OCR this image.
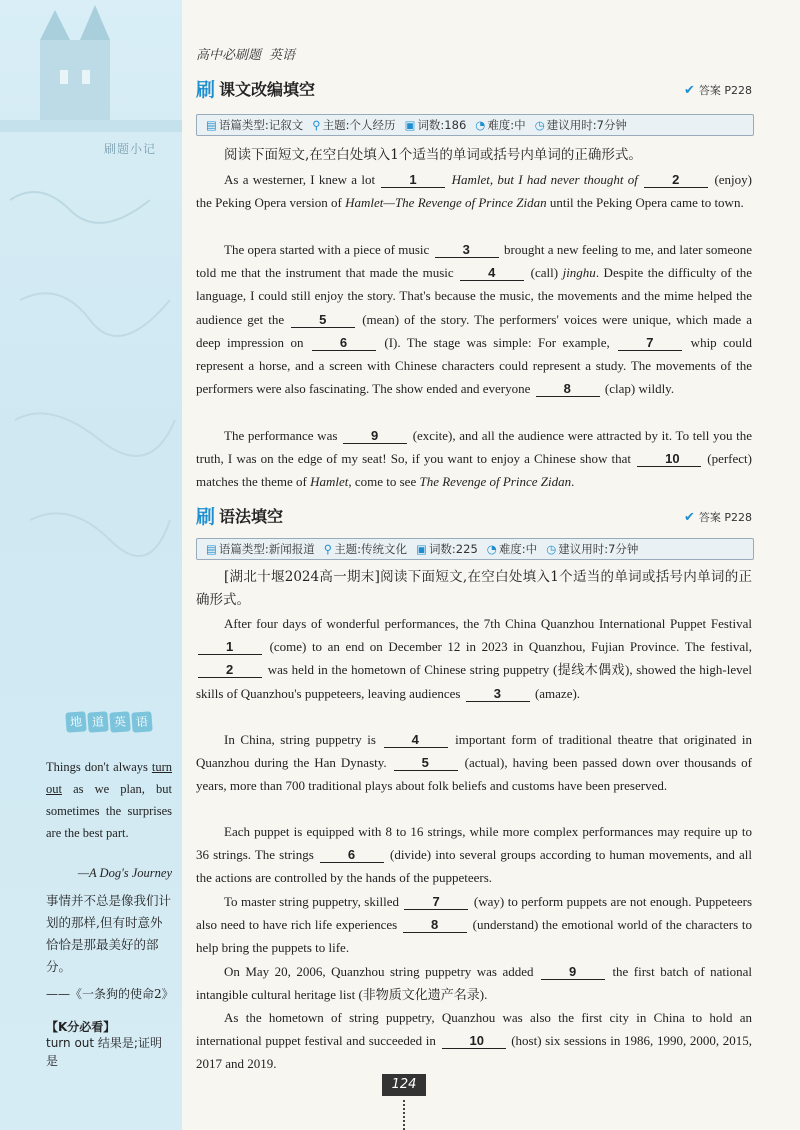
刷题小记
地 道 英 语
Things don't always turn out as we plan, but sometimes the surprises are the best part.
—A Dog's Journey
事情并不总是像我们计划的那样,但有时意外恰恰是那最美好的部分。
——《一条狗的使命2》
【K分必看】
turn out 结果是;证明是
高中必刷题 英语
刷 课文改编填空	✔ 答案 P228
▤ 语篇类型:记叙文 ⚲ 主题:个人经历 ▣ 词数:186 ◔ 难度:中 ◷ 建议用时:7分钟
阅读下面短文,在空白处填入1个适当的单词或括号内单词的正确形式。
As a westerner, I knew a lot 1 Hamlet, but I had never thought of 2 (enjoy) the Peking Opera version of Hamlet—The Revenge of Prince Zidan until the Peking Opera came to town.
The opera started with a piece of music 3 brought a new feeling to me, and later someone told me that the instrument that made the music 4 (call) jinghu. Despite the difficulty of the language, I could still enjoy the story. That's because the music, the movements and the mime helped the audience get the 5 (mean) of the story. The performers' voices were unique, which made a deep impression on 6 (I). The stage was simple: For example, 7 whip could represent a horse, and a screen with Chinese characters could represent a study. The movements of the performers were also fascinating. The show ended and everyone 8 (clap) wildly.
The performance was 9 (excite), and all the audience were attracted by it. To tell you the truth, I was on the edge of my seat! So, if you want to enjoy a Chinese show that 10 (perfect) matches the theme of Hamlet, come to see The Revenge of Prince Zidan.
刷 语法填空	✔ 答案 P228
▤ 语篇类型:新闻报道 ⚲ 主题:传统文化 ▣ 词数:225 ◔ 难度:中 ◷ 建议用时:7分钟
[湖北十堰2024高一期末]阅读下面短文,在空白处填入1个适当的单词或括号内单词的正确形式。
After four days of wonderful performances, the 7th China Quanzhou International Puppet Festival 1 (come) to an end on December 12 in 2023 in Quanzhou, Fujian Province. The festival, 2 was held in the hometown of Chinese string puppetry (提线木偶戏), showed the high-level skills of Quanzhou's puppeteers, leaving audiences 3 (amaze).
In China, string puppetry is 4 important form of traditional theatre that originated in Quanzhou during the Han Dynasty. 5 (actual), having been passed down over thousands of years, more than 700 traditional plays about folk beliefs and customs have been preserved.
Each puppet is equipped with 8 to 16 strings, while more complex performances may require up to 36 strings. The strings 6 (divide) into several groups according to human movements, and all the actions are controlled by the hands of the puppeteers.
To master string puppetry, skilled 7 (way) to perform puppets are not enough. Puppeteers also need to have rich life experiences 8 (understand) the emotional world of the characters to help bring the puppets to life.
On May 20, 2006, Quanzhou string puppetry was added 9 the first batch of national intangible cultural heritage list (非物质文化遗产名录).
As the hometown of string puppetry, Quanzhou was also the first city in China to hold an international puppet festival and succeeded in 10 (host) six sessions in 1986, 1990, 2000, 2015, 2017 and 2019.
124
